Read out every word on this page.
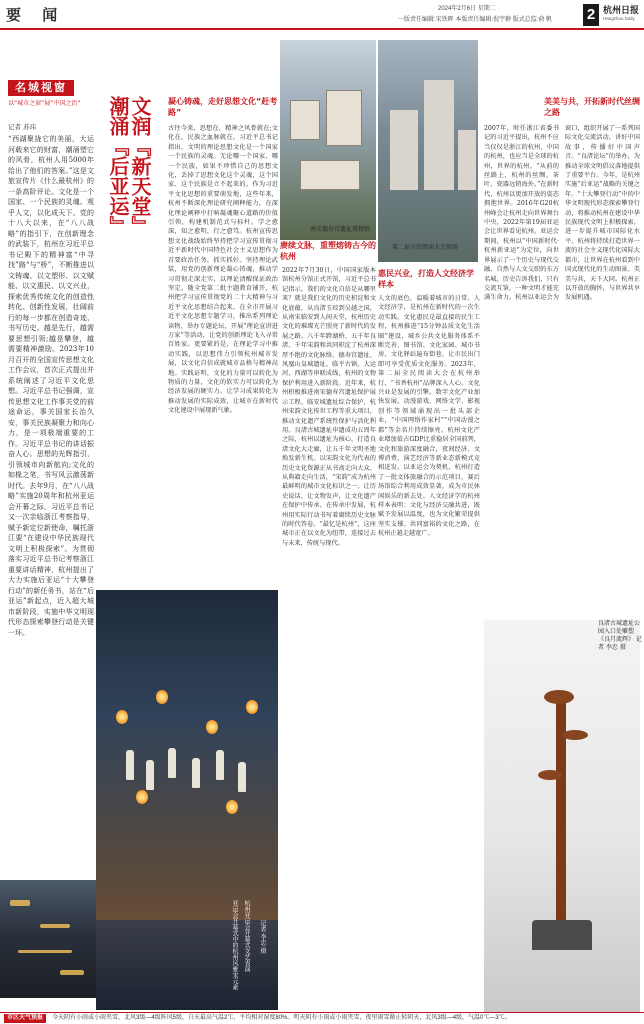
要 闻	2024年2月6日 星期二
一版责任编辑:宋铁晖 本版责任编辑:倪宇翀 版式总监:俞 帆 2 杭州日报
Hangzhou Daily
名城视窗
以“城市之窗”展“中国之治”
记者 苏玮
“西湖聚拢它的美丽，大运河载来它的财富，潮涌塑它的风骨，杭州人用5000年给出了他们的答案。”这是文旅宣传片《什么最杭州》的一条高阶评论。文化是一个国家、一个民族的灵魂。观乎人文，以化成天下。党的十八大以来，在“八八战略”的指引下，在创新理念的武装下，杭州在习近平总书记殿下的精神富“中寻找”路“与“桥”，不断推进以文铸魂、以文塑形、以文赋能、以文惠民、以文兴业，探索优秀传统文化的创造性转化、创新性发展，壮阔前行的每一步都在创造奇迹、书写历史。越是先行，越需要思想引领;越是攀登，越需要精神激励。2023年10月召开的全国宣传思想文化工作会议，首次正式提出并系统阐述了习近平文化思想。习近平总书记强调，宣传思想文化工作事关党的前途命运，事关国家长治久安，事关民族凝聚力和向心力，是一项极端重要的工作。习近平总书记的讲话振奋人心。思想的光辉指引，引领城市向新航向;文化的如椽之笔，书写风云激荡新时代。去年9月，在“八八战略”实施20周年和杭州亚运会开幕之际，习近平总书记又一次亲临浙江考察指导，赋予新定位新使命，嘱托浙江要“在建设中华民族现代文明上积极探索”。为贯彻落实习近平总书记考察浙江重要讲话精神，杭州提出了大力实施后亚运“十大攀登行动”的新任务书，站在“后亚运”新起点，近入超大城市新阶段，实施中华文明现代形态探索攀登行动是关键一环。
潮涌『后亚运』
文润『新天堂』
亚运会开幕式中的杭州风雅宋元素 杭州亚运会开幕式文艺表演	记者 李忠 摄
凝心铸魂，走好思想文化“赶考路”
古往今来，思想在，精神之风骨就在;文化在，民族之血脉就在。习近平总书记指出，文明的理论思想文化是一个国家一个民族的灵魂。无论哪一个国家、哪一个民族，如果不珍惜自己的思想文化，丢掉了思想文化这个灵魂，这个国家、这个民族是立不起来的。作为习近平文化思想的重要萌发地，这些年来，杭州不断深化理论研究阐释能力，在深化理论阐释中打响凝魂聚心道路的价值引领，构建机制范式与标杆。学之愈深，知之愈明，行之愈笃。杭州宣传思想文化战线始终坚持把学习宣传贯彻习近平新时代中国特色社会主义思想作为首要政治任务，抓实抓好。坚持理论武装，用党的创新理论凝心铸魂，推动学习贯彻走深走实，以理论清醒保证政治坚定。随全党第二批主题教育铺开，杭州把学习宣传贯彻党的二十大精神与习近平文化思想结合起来，在全市开展习近平文化思想专题学习，推出系列理论读物，举办专题论坛，开展“理论宣讲进万家”等活动，让党的创新理论飞入寻常百姓家。更要紧的是，在理论学习中推动实践，以思想伟力引领杭州城市发展，以文化自信成就城市品格与精神高地。实践证明，文化的力量可以转化为物质的力量，文化的软实力可以转化为经济发展的硬实力。让学习成果转化为推动发展的实际成效，让城市在新时代文化建设中展现新气象。
赓续文脉，重塑熔铸古今的杭州
南宋德寿宫遗址博物馆
2022年7月30日，中国国家版本馆杭州分馆正式开馆，习近平总书记指示，我们的文化自信是从哪里来？就是我们文化的历史积淀和文化底蕴，从良渚玉琮到吴越之国，从南宋临安到人间天堂，杭州历史文化的璀璨光芒照亮了新时代的发展之路。八千年跨湖桥、五千年良渚、千年宋韵和共同积淀了杭州深厚不绝的文化脉络。德寿宫遗址、凤凰山皇城遗址、临平古镇、大运河、西湖等串联成线，杭州的文物保护利用进入新阶段。近年来，杭州积极推进南宋德寿宫遗址保护展示工程、临安城遗址综合保护、杭州宋韵文化传世工程等重大项目，推动文化遗产系统性保护与活化利用。良渚古城遗址申遗成功五周年之际，杭州以遗址为核心，打造良渚文化大走廊，让五千年文明圣地焕发新生机。以宋韵文化为代表的历史文化资源正从书斋走向大众、从典籍走向生活，“宋韵”成为杭州最鲜明的城市文化标识之一。让历史说话，让文物发声，让文化遗产在保护中传承、在传承中发展，杭州用实际行动书写着赓续历史文脉的时代答卷。“最忆是杭州”，这座城市正在以文化为纽带，连接过去与未来，传统与现代。
第二届全民阅读大会现场
惠民兴业，打造人文经济学样本
人文的底色，温暖着城市的日常。人文经济学，是杭州在新时代的一次生动实践。文化惠民是最直接的民生工程，杭州推进“15分钟品质文化生活圈”建设，城乡公共文化服务体系不断完善，图书馆、文化家园、城市书房、文化驿站遍布街巷，让市民出门即可享受优质文化服务。2023年，第二届全民阅读大会在杭州举行，“书香杭州”品牌深入人心。文化兴业是发展的引擎。数字文化产业加快发展，动漫游戏、网络文学、影视创作等领域涌现出一批头部企业，“中国网络作家村”“中国动漫之都”等金名片持续擦亮。杭州文化产业增加值占GDP比重稳居全国前列，文化和旅游深度融合，夜间经济、文博消费、演艺经济等新业态新模式竞相迸发。以亚运会为契机，杭州打造了一批文体旅融合的示范项目，赛后场馆综合利用成效显著，成为市民休闲娱乐的新去处。人文经济学的杭州样本表明：文化与经济交融共进，既赋予发展以温度，也为文化繁荣提供坚实支撑。共同富裕的文化之路，在杭州正越走越宽广。
美美与共，开拓新时代丝绸之路
2007年，时任浙江省委书记的习近平提出，杭州不应当仅仅是浙江的杭州，中国的杭州，也应当是全球的杭州，世界的杭州。“从前的丝路上，杭州的丝绸、茶叶、瓷器远销海外。”在新时代，杭州以更加开放的姿态拥抱世界。2016年G20杭州峰会让杭州走向世界舞台中央，2022年第19届亚运会让世界看见杭州。亚运会期间，杭州以“中国新时代·杭州新亚运”为定位，向世界展示了一个历史与现代交融、自然与人文交织的东方名城。历史告诉我们，只有交流互鉴，一种文明才能充满生命力。杭州以亚运会为窗口，组织开展了一系列国际文化交流活动，讲好中国故事，传播好中国声音。“良渚论坛”的举办，为推动全球文明倡议落地提供了重要平台。今年，是杭州实施“后亚运”战略的关键之年。“十大攀登行动”中的中华文明现代形态探索攀登行动，将推动杭州在建设中华民族现代文明上积极探索，进一步提升城市国际化水平。杭州将持续打造世界一流的社会主义现代化国际大都市，让世界在杭州看到中国式现代化的生动图景。美美与共，天下大同。杭州正以开放的胸怀，与世界共享发展机遇。
良渚古城遗址公园入口处雕塑《良月流辉》 记者 李忠 摄
市区天气预报	今天阴有小雨或小雨夹雪，北风3级—4级阵风5级，白天最高气温2℃，平均相对湿度80%。明天阴有小雨或小雨夹雪，夜里雨雪渐止转阴天，北风3级—4级，气温0℃—3℃。
